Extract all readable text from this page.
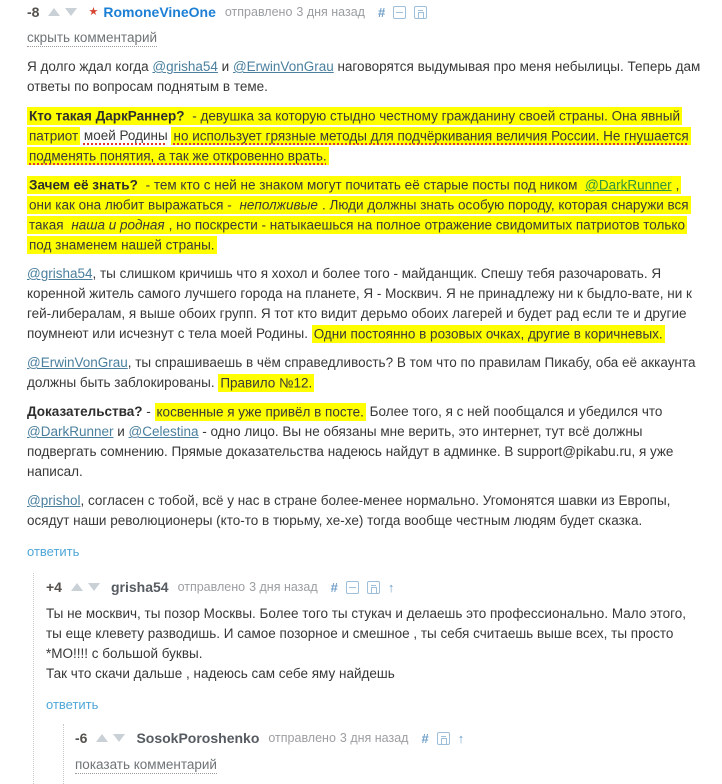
-8	★ RomoneVineOne отправлено 3 дня назад #
скрыть комментарий

Я долго ждал когда @grisha54 и @ErwinVonGrau наговорятся выдумывая про меня небылицы. Теперь дам ответы по вопросам поднятым в теме.

Кто такая ДаркРаннер? - девушка за которую стыдно честному гражданину своей страны. Она явный патриот моей Родины но использует грязные методы для подчёркивания величия России. Не гнушается подменять понятия, а так же откровенно врать.

Зачем её знать? - тем кто с ней не знаком могут почитать её старые посты под ником @DarkRunner , они как она любит выражаться - неполживые . Люди должны знать особую породу, которая снаружи вся такая наша и родная , но поскрести - натыкаешься на полное отражение свидомитых патриотов только под знаменем нашей страны.

@grisha54, ты слишком кричишь что я хохол и более того - майданщик. Спешу тебя разочаровать. Я коренной житель самого лучшего города на планете, Я - Москвич. Я не принадлежу ни к быдло-вате, ни к гей-либералам, я выше обоих групп. Я тот кто видит дерьмо обоих лагерей и будет рад если те и другие поумнеют или исчезнут с тела моей Родины. Одни постоянно в розовых очках, другие в коричневых.

@ErwinVonGrau, ты спрашиваешь в чём справедливость? В том что по правилам Пикабу, оба её аккаунта должны быть заблокированы. Правило №12.

Доказательства? - косвенные я уже привёл в посте. Более того, я с ней пообщался и убедился что @DarkRunner и @Celestina - одно лицо. Вы не обязаны мне верить, это интернет, тут всё должны подвергать сомнению. Прямые доказательства надеюсь найдут в админке. В support@pikabu.ru, я уже написал.

@prishol, согласен с тобой, всё у нас в стране более-менее нормально. Угомонятся шавки из Европы, осядут наши революционеры (кто-то в тюрьму, хе-хе) тогда вообще честным людям будет сказка.

ответить
+4	grisha54 отправлено 3 дня назад #	↑

Ты не москвич, ты позор Москвы. Более того ты стукач и делаешь это профессионально. Мало этого, ты еще клевету разводишь. И самое позорное и смешное , ты себя считаешь выше всех, ты просто *МО!!!! с большой буквы.
Так что скачи дальше , надеюсь сам себе яму найдешь

ответить
-6	SosokPoroshenko отправлено 3 дня назад # ↑
показать комментарий
